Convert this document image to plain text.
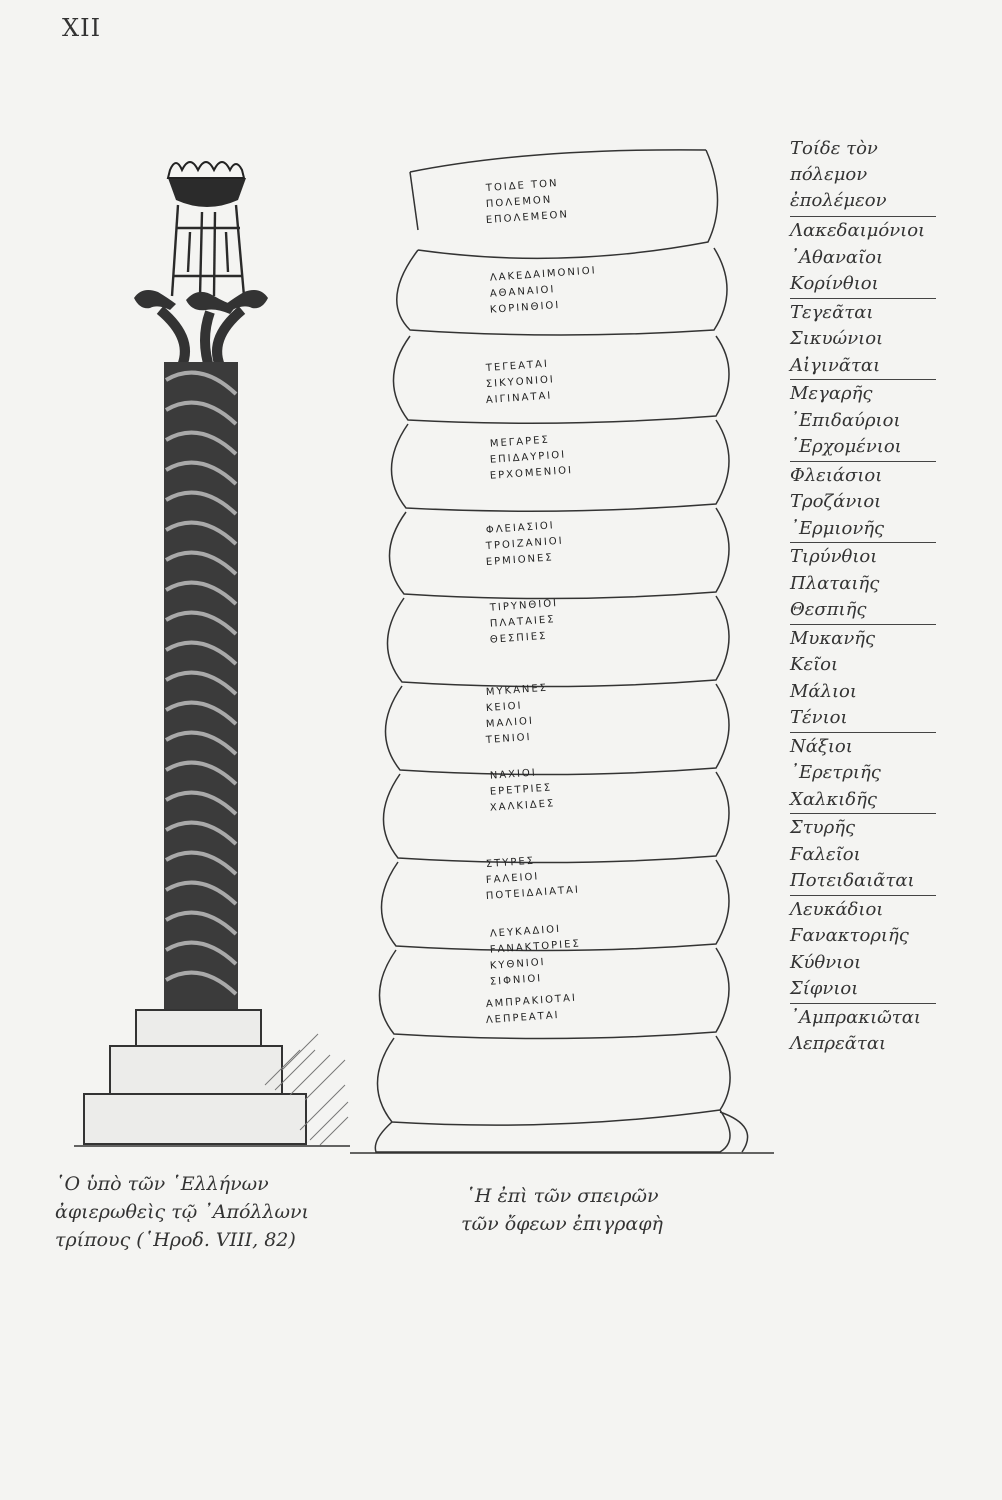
XII
ΤΟΙΔΕ ΤΟΝ
ΠΟΛΕΜΟΝ
ΕΠΟΛΕΜΕΟΝ
ΛΑΚΕΔΑΙΜΟΝΙΟΙ
ΑΘΑΝΑΙΟΙ
ΚΟΡΙΝΘΙΟΙ
ΤΕΓΕΑΤΑΙ
ΣΙΚΥΟΝΙΟΙ
ΑΙΓΙΝΑΤΑΙ
ΜΕΓΑΡΕΣ
ΕΠΙΔΑΥΡΙΟΙ
ΕΡΧΟΜΕΝΙΟΙ
ΦΛΕΙΑΣΙΟΙ
ΤΡΟΙΖΑΝΙΟΙ
ΕΡΜΙΟΝΕΣ
ΤΙΡΥΝΘΙΟΙ
ΠΛΑΤΑΙΕΣ
ΘΕΣΠΙΕΣ
ΜΥΚΑΝΕΣ
ΚΕΙΟΙ
ΜΑΛΙΟΙ
ΤΕΝΙΟΙ
ΝΑΧΙΟΙ
ΕΡΕΤΡΙΕΣ
ΧΑΛΚΙΔΕΣ
ΣΤΥΡΕΣ
ϜΑΛΕΙΟΙ
ΠΟΤΕΙΔΑΙΑΤΑΙ
ΛΕΥΚΑΔΙΟΙ
ϜΑΝΑΚΤΟΡΙΕΣ
ΚΥΘΝΙΟΙ
ΣΙΦΝΙΟΙ
ΑΜΠΡΑΚΙΟΤΑΙ
ΛΕΠΡΕΑΤΑΙ
Τοίδε τὸν
πόλεμον
ἐπολέμεον
Λακεδαιμόνιοι
᾿Αθαναῖοι
Κορίνθιοι
Τεγεᾶται
Σικυώνιοι
Αἰγινᾶται
Μεγαρῆς
᾿Επιδαύριοι
᾿Ερχομένιοι
Φλειάσιοι
Τροζάνιοι
᾿Ερμιονῆς
Τιρύνθιοι
Πλαταιῆς
Θεσπιῆς
Μυκανῆς
Κεῖοι
Μάλιοι
Τένιοι
Νάξιοι
᾿Ερετριῆς
Χαλκιδῆς
Στυρῆς
Ϝαλεῖοι
Ποτειδαιᾶται
Λευκάδιοι
Ϝανακτοριῆς
Κύθνιοι
Σίφνιοι
᾿Αμπρακιῶται
Λεπρεᾶται
῾Ο ὑπὸ τῶν ῾Ελλήνων
ἀφιερωθεὶς τῷ ᾿Απόλλωνι
τρίπους (῾Ηροδ. VIII, 82)
῾Η ἐπὶ τῶν σπειρῶν
τῶν ὄφεων ἐπιγραφὴ
